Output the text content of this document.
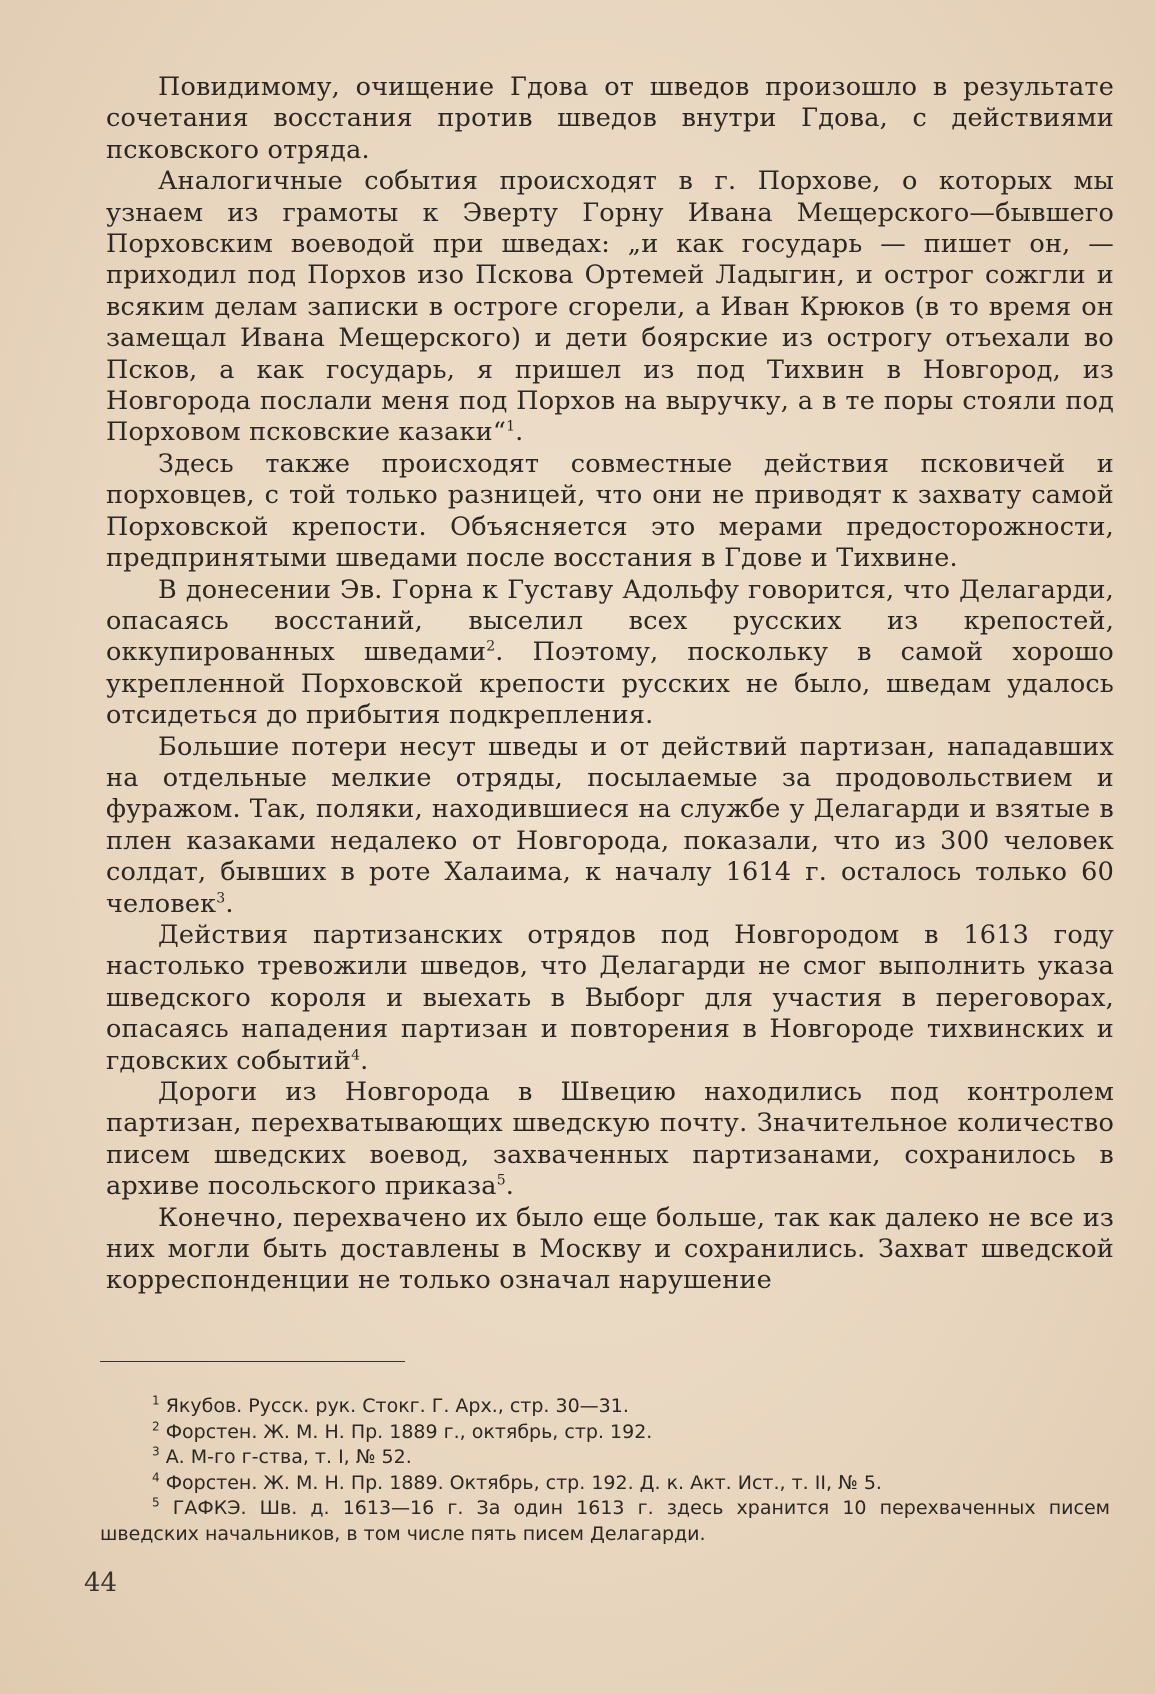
Повидимому, очищение Гдова от шведов произошло в результате сочетания восстания против шведов внутри Гдова, с действиями псковского отряда.

Аналогичные события происходят в г. Порхове, о которых мы узнаем из грамоты к Эверту Горну Ивана Мещерского—бывшего Порховским воеводой при шведах: „и как государь — пишет он, — приходил под Порхов изо Пскова Ортемей Ладыгин, и острог сожгли и всяким делам записки в остроге сгорели, а Иван Крюков (в то время он замещал Ивана Мещерского) и дети боярские из острогу отъехали во Псков, а как государь, я пришел из под Тихвин в Новгород, из Новгорода послали меня под Порхов на выручку, а в те поры стояли под Порховом псковские казаки“$^1$.

Здесь также происходят совместные действия псковичей и порховцев, с той только разницей, что они не приводят к захвату самой Порховской крепости. Объясняется это мерами предосторожности, предпринятыми шведами после восстания в Гдове и Тихвине.

В донесении Эв. Горна к Густаву Адольфу говорится, что Делагарди, опасаясь восстаний, выселил всех русских из крепостей, оккупированных шведами$^2$. Поэтому, поскольку в самой хорошо укрепленной Порховской крепости русских не было, шведам удалось отсидеться до прибытия подкрепления.

Большие потери несут шведы и от действий партизан, нападавших на отдельные мелкие отряды, посылаемые за продовольствием и фуражом. Так, поляки, находившиеся на службе у Делагарди и взятые в плен казаками недалеко от Новгорода, показали, что из 300 человек солдат, бывших в роте Халаима, к началу 1614 г. осталось только 60 человек$^3$.

Действия партизанских отрядов под Новгородом в 1613 году настолько тревожили шведов, что Делагарди не смог выполнить указа шведского короля и выехать в Выборг для участия в переговорах, опасаясь нападения партизан и повторения в Новгороде тихвинских и гдовских событий$^4$.

Дороги из Новгорода в Швецию находились под контролем партизан, перехватывающих шведскую почту. Значительное количество писем шведских воевод, захваченных партизанами, сохранилось в архиве посольского приказа$^5$.

Конечно, перехвачено их было еще больше, так как далеко не все из них могли быть доставлены в Москву и сохранились. Захват шведской корреспонденции не только означал нарушение

$^1$ Якубов. Русск. рук. Стокг. Г. Арх., стр. 30—31.

$^2$ Форстен. Ж. М. Н. Пр. 1889 г., октябрь, стр. 192.

$^3$ А. М-го г-ства, т. I, № 52.

$^4$ Форстен. Ж. М. Н. Пр. 1889. Октябрь, стр. 192. Д. к. Акт. Ист., т. II, № 5.

$^5$ ГАФКЭ. Шв. д. 1613—16 г. За один 1613 г. здесь хранится 10 перехваченных писем шведских начальников, в том числе пять писем Делагарди.

44
